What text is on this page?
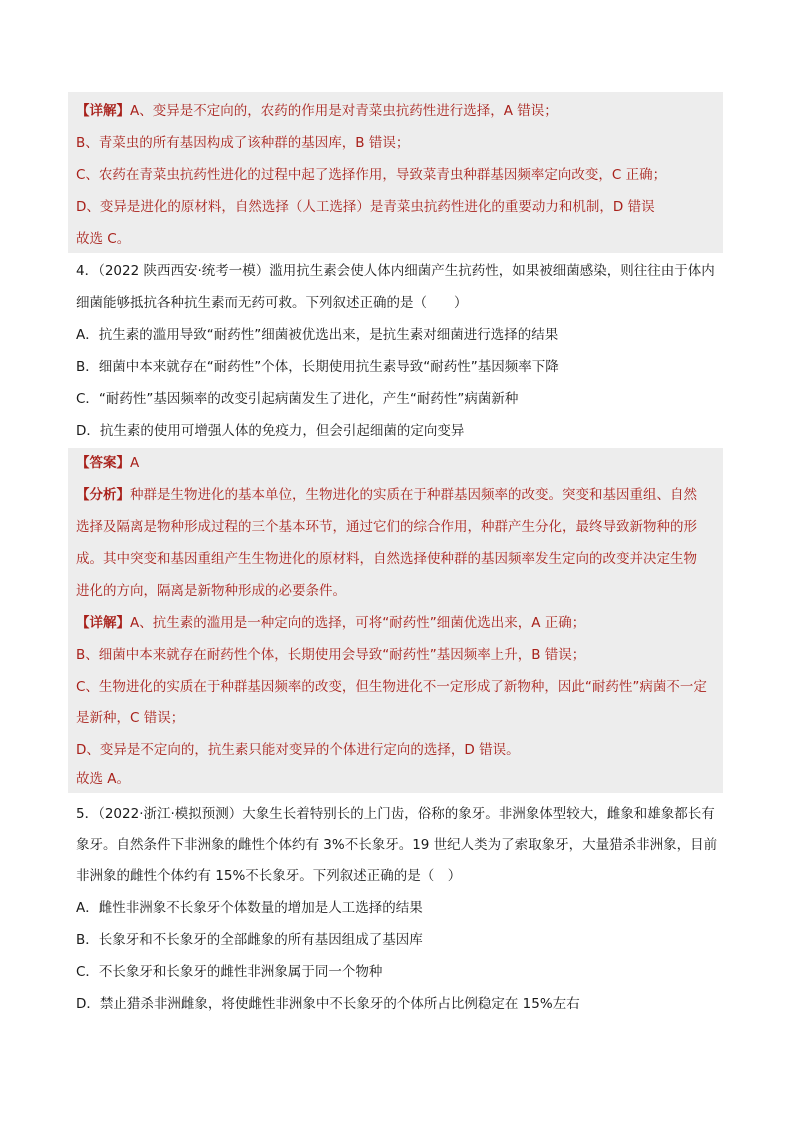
【详解】A、变异是不定向的，农药的作用是对青菜虫抗药性进行选择，A 错误；
B、青菜虫的所有基因构成了该种群的基因库，B 错误；
C、农药在青菜虫抗药性进化的过程中起了选择作用，导致菜青虫种群基因频率定向改变，C 正确；
D、变异是进化的原材料，自然选择（人工选择）是青菜虫抗药性进化的重要动力和机制，D 错误
故选 C。
4．（2022 陕西西安·统考一模）滥用抗生素会使人体内细菌产生抗药性，如果被细菌感染，则往往由于体内
细菌能够抵抗各种抗生素而无药可救。下列叙述正确的是（　　）
A．抗生素的滥用导致“耐药性”细菌被优选出来，是抗生素对细菌进行选择的结果
B．细菌中本来就存在“耐药性”个体，长期使用抗生素导致“耐药性”基因频率下降
C．“耐药性”基因频率的改变引起病菌发生了进化，产生“耐药性”病菌新种
D．抗生素的使用可增强人体的免疫力，但会引起细菌的定向变异
【答案】A
【分析】种群是生物进化的基本单位，生物进化的实质在于种群基因频率的改变。突变和基因重组、自然
选择及隔离是物种形成过程的三个基本环节，通过它们的综合作用，种群产生分化，最终导致新物种的形
成。其中突变和基因重组产生生物进化的原材料，自然选择使种群的基因频率发生定向的改变并决定生物
进化的方向，隔离是新物种形成的必要条件。
【详解】A、抗生素的滥用是一种定向的选择，可将“耐药性”细菌优选出来，A 正确；
B、细菌中本来就存在耐药性个体，长期使用会导致“耐药性”基因频率上升，B 错误；
C、生物进化的实质在于种群基因频率的改变，但生物进化不一定形成了新物种，因此“耐药性”病菌不一定
是新种，C 错误；
D、变异是不定向的，抗生素只能对变异的个体进行定向的选择，D 错误。
故选 A。
5．（2022·浙江·模拟预测）大象生长着特别长的上门齿，俗称的象牙。非洲象体型较大，雌象和雄象都长有
象牙。自然条件下非洲象的雌性个体约有 3%不长象牙。19 世纪人类为了索取象牙，大量猎杀非洲象，目前
非洲象的雌性个体约有 15%不长象牙。下列叙述正确的是（　）
A．雌性非洲象不长象牙个体数量的增加是人工选择的结果
B．长象牙和不长象牙的全部雌象的所有基因组成了基因库
C．不长象牙和长象牙的雌性非洲象属于同一个物种
D．禁止猎杀非洲雌象，将使雌性非洲象中不长象牙的个体所占比例稳定在 15%左右
